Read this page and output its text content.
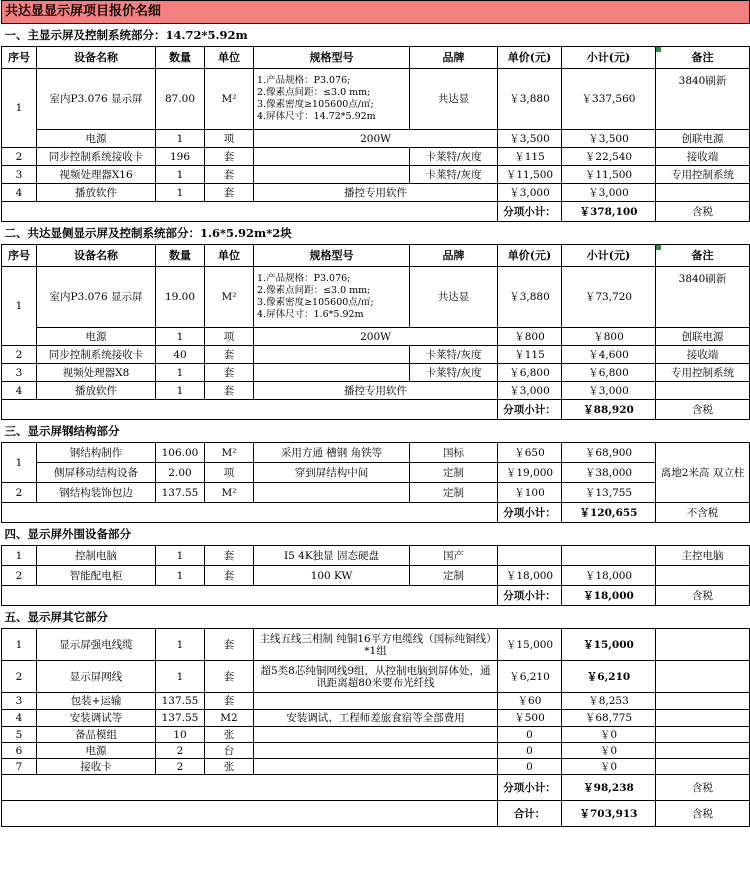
共达显显示屏项目报价名细								
一、主显示屏及控制系统部分：14.72*5.92m								
序号	设备名称	数量	单位	规格型号	品牌	单价(元)	小计(元)	备注
1	室内P3.076 显示屏	87.00	M²	1.产品规格：P3.076;
2.像素点间距：≤3.0 mm;
3.像素密度≥105600点/㎡;
4.屏体尺寸：14.72*5.92m	共达显	￥3,880	￥337,560	3840刷新
	电源	1	项	200W		￥3,500	￥3,500	创联电源
2	同步控制系统接收卡	196	套		卡莱特/灰度	￥115	￥22,540	接收端
3	视频处理器X16	1	套		卡莱特/灰度	￥11,500	￥11,500	专用控制系统
4	播放软件	1	套	播控专用软件		￥3,000	￥3,000	
						分项小计：	￥378,100	含税
二、共达显侧显示屏及控制系统部分：1.6*5.92m*2块								
序号	设备名称	数量	单位	规格型号	品牌	单价(元)	小计(元)	备注
1	室内P3.076 显示屏	19.00	M²	1.产品规格：P3.076;
2.像素点间距：≤3.0 mm;
3.像素密度≥105600点/㎡;
4.屏体尺寸：1.6*5.92m	共达显	￥3,880	￥73,720	3840刷新
	电源	1	项	200W		￥800	￥800	创联电源
2	同步控制系统接收卡	40	套		卡莱特/灰度	￥115	￥4,600	接收端
3	视频处理器X8	1	套		卡莱特/灰度	￥6,800	￥6,800	专用控制系统
4	播放软件	1	套	播控专用软件		￥3,000	￥3,000	
						分项小计：	￥88,920	含税
三、显示屏钢结构部分								
1	钢结构制作	106.00	M²	采用方通 槽钢 角铁等	国标	￥650	￥68,900	离地2米高 双立柱
	侧屏移动结构设备	2.00	项	穿到屏结构中间	定制	￥19,000	￥38,000	
2	钢结构装饰包边	137.55	M²		定制	￥100	￥13,755	
						分项小计：	￥120,655	不含税
四、显示屏外围设备部分								
1	控制电脑	1	套	I5 4K独显 固态硬盘	国产			主控电脑
2	智能配电柜	1	套	100 KW	定制	￥18,000	￥18,000	
						分项小计：	￥18,000	含税
五、显示屏其它部分								
1	显示屏强电线缆	1	套	主线五线三相制 纯铜16平方电缆线（国标纯铜线）*1组		￥15,000	￥15,000	
2	显示屏网线	1	套	超5类8芯纯铜网线9组，从控制电脑到屏体处，通讯距离超80米要布光纤线		￥6,210	￥6,210	
3	包装+运输	137.55	套			￥60	￥8,253	
4	安装调试等	137.55	M2	安装调试、工程师差旅食宿等全部费用		￥500	￥68,775	
5	备品模组	10	张			0	￥0	
6	电源	2	台			0	￥0	
7	接收卡	2	张			0	￥0	
						分项小计：	￥98,238	含税
						合计：	￥703,913	含税
